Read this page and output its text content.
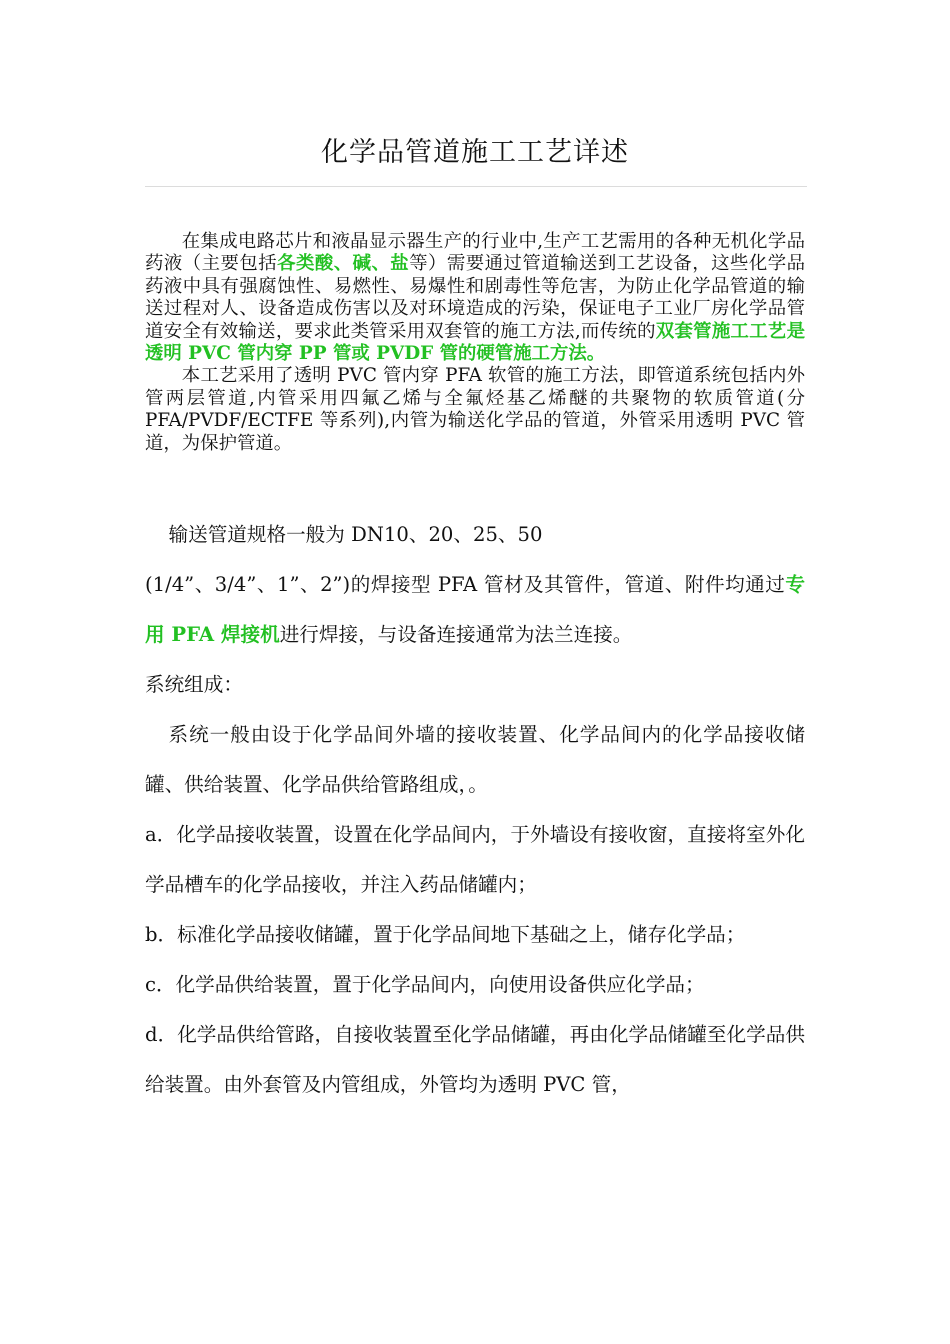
化学品管道施工工艺详述

在集成电路芯片和液晶显示器生产的行业中,生产工艺需用的各种无机化学品药液（主要包括各类酸、碱、盐等）需要通过管道输送到工艺设备，这些化学品药液中具有强腐蚀性、易燃性、易爆性和剧毒性等危害，为防止化学品管道的输送过程对人、设备造成伤害以及对环境造成的污染，保证电子工业厂房化学品管道安全有效输送，要求此类管采用双套管的施工方法,而传统的双套管施工工艺是透明 PVC 管内穿 PP 管或 PVDF 管的硬管施工方法。

本工艺采用了透明 PVC 管内穿 PFA 软管的施工方法，即管道系统包括内外管两层管道,内管采用四氟乙烯与全氟烃基乙烯醚的共聚物的软质管道(分 PFA/PVDF/ECTFE 等系列),内管为输送化学品的管道，外管采用透明 PVC 管道，为保护管道。

输送管道规格一般为 DN10、20、25、50

(1/4”、3/4”、1”、2”)的焊接型 PFA 管材及其管件，管道、附件均通过专用 PFA 焊接机进行焊接，与设备连接通常为法兰连接。

系统组成：

系统一般由设于化学品间外墙的接收装置、化学品间内的化学品接收储罐、供给装置、化学品供给管路组成，。

a．化学品接收装置，设置在化学品间内，于外墙设有接收窗，直接将室外化学品槽车的化学品接收，并注入药品储罐内；

b．标准化学品接收储罐，置于化学品间地下基础之上，储存化学品；

c．化学品供给装置，置于化学品间内，向使用设备供应化学品；

d．化学品供给管路，自接收装置至化学品储罐，再由化学品储罐至化学品供给装置。由外套管及内管组成，外管均为透明 PVC 管，
